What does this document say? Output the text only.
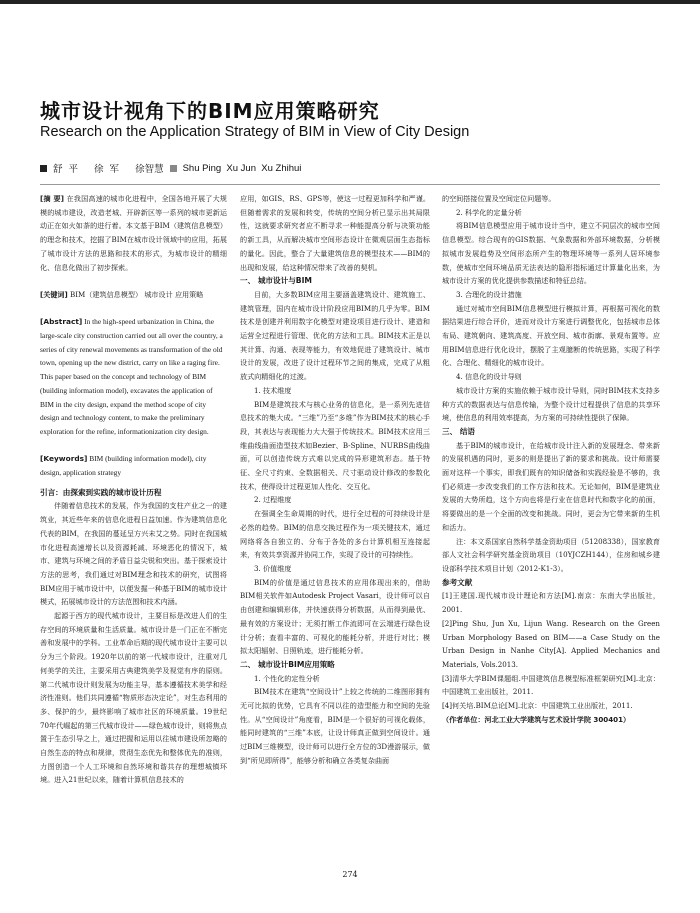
城市设计视角下的BIM应用策略研究
Research on the Application Strategy of BIM in View of City Design
舒 平 徐 军 徐智慧 Shu Ping  Xu Jun  Xu Zhihui

[摘 要] 在我国高速的城市化进程中，全国各地开展了大规模的城市建设，改造老城、开辟新区等一系列的城市更新运动正在如火如荼的进行着。本文基于BIM（建筑信息模型）的理念和技术，挖掘了BIM在城市设计领域中的应用，拓展了城市设计方法的思路和技术的形式，为城市设计的精细化、信息化做出了初步探索。

[关键词] BIM（建筑信息模型） 城市设计 应用策略

[Abstract] In the high-speed urbanization in China, the large-scale city construction carried out all over the country, a series of city renewal movements as transformation of the old town, opening up the new district, carry on like a raging fire. This paper based on the concept and technology of BIM (building information model), excavates the application of BIM in the city design, expand the method scope of city design and technology content, to make the preliminary exploration for the refine, informationization city design.

[Keywords] BIM (building information model), city design, application strategy

引言：由探索到实践的城市设计历程

伴随着信息技术的发展，作为我国的支柱产业之一的建筑业，其近些年来的信息化进程日益加速。作为建筑信息化代表的BIM，在我国的蔓延呈方兴未艾之势。同时在我国城市化进程高速增长以及资源耗减、环境恶化的情况下，城市、建筑与环境之间的矛盾日益尖锐和突出。基于探索设计方法的思考，我们通过对BIM理念和技术的研究，试图将BIM应用于城市设计中，以便发掘一种基于BIM的城市设计模式，拓展城市设计的方法范围和技术内涵。

起源于西方的现代城市设计，主要目标是改进人们的生存空间的环境质量和生活质量。城市设计是一门正在不断完善和发展中的学科。工业革命后期的现代城市设计主要可以分为三个阶段。1920年以前的第一代城市设计，注重对几何美学的关注，主要采用古典建筑美学及视觉有序的原则。第二代城市设计则发展为功能主导，基本遵循技术美学和经济性准则。他们共同遵循“物质形态决定论”，对生态利用的多、保护的少，最终影响了城市社区的环境质量。19世纪70年代崛起的第三代城市设计——绿色城市设计，则将焦点置于生态引导之上，通过把握和运用以往城市建设所忽略的自然生态的特点和规律，贯彻生态优先和整体优先的准则，力图创造一个人工环境和自然环境和谐共存的理想城镇环境。进入21世纪以来，随着计算机信息技术的

应用，如GIS、RS、GPS等，使这一过程更加科学和严谨。但随着需求的发展和转变，传统的空间分析已显示出其局限性，这就要求研究者应不断寻求一种能提高分析与决策功能的新工具，从而解决城市空间形态设计在微观层面生态指标的量化。因此，整合了大量建筑信息的模型技术——BIM的出现和发展，给这种情况带来了改善的契机。

一、 城市设计与BIM

目前，大多数BIM应用主要涵盖建筑设计、建筑施工、建筑管理，国内在城市设计阶段应用BIM的几乎为零。BIM技术是创建并利用数字化模型对建设项目进行设计、建造和运营全过程进行管理、优化的方法和工具。BIM技术正是以其计算、沟通、表现等能力，有效地促进了建筑设计、城市设计的发展，改进了设计过程环节之间的集成，完成了从粗放式向精细化的过渡。

1. 技术维度

BIM是建筑技术与核心业务的信息化，是一系列先进信息技术的集大成。“三维”乃至“多维”作为BIM技术的核心手段，其表达与表现能力大大强于传统技术。BIM技术应用三维曲线曲面造型技术如Bezier、B-Spline、NURBS曲线曲面，可以创造传统方式难以完成的异形建筑形态。基于特征、全尺寸约束、全数据相关、尺寸驱动设计修改的参数化技术，使得设计过程更加人性化、交互化。

2. 过程维度

在强调全生命周期的时代，进行全过程的可持续设计是必然的趋势。BIM的信息交换过程作为一项关键技术，通过网络将各自独立的、分布于各处的多台计算机相互连接起来，有效共享资源并协同工作，实现了设计的可持续性。

3. 价值维度

BIM的价值是通过信息技术的应用体现出来的，借助BIM相关软件如Autodesk Project Vasari，设计师可以自由创建和编辑形体，并快速获得分析数据，从而得到最优、最有效的方案设计；无须打断工作流即可在云端进行绿色设计分析；查看丰富的、可视化的能耗分析，并进行对比；模拟太阳辐射、日照轨迹，进行能耗分析。

二、 城市设计BIM应用策略

1. 个性化的定性分析

BIM技术在建筑“空间设计”上较之传统的二维图形拥有无可比拟的优势，它具有不同以往的造型能力和空间的先验性。从“空间设计”角度看，BIM是一个很好的可视化载体，能同时建筑的“三维”本底，让设计师真正做到空间设计。通过BIM三维模型，设计师可以进行全方位的3D漫游展示，做到“所见即所得”，能够分析和确立各类复杂曲面

的空间搭接位置及空间定位问题等。

2. 科学化的定量分析

将BIM信息模型应用于城市设计当中，建立不同层次的城市空间信息模型。综合现有的GIS数据、气象数据和外部环境数据，分析模拟城市发展趋势及空间形态所产生的物理环境等一系列人居环境参数，使城市空间环境品质无法表达的隐形指标通过计算量化出来，为城市设计方案的优化提供参数描述和特征总结。

3. 合理化的设计措施

通过对城市空间BIM信息模型进行模拟计算，再根据可视化的数据结果进行综合评价，进而对设计方案进行调整优化，包括城市总体布局、建筑朝向、建筑高度、开放空间、城市街廓、景观布置等。应用BIM信息进行优化设计，摆脱了主观臆断的传统思路，实现了科学化、合理化、精细化的城市设计。

4. 信息化的设计导则

城市设计方案的实施依赖于城市设计导则，同时BIM技术支持多种方式的数据表达与信息传输，为整个设计过程提供了信息的共享环境，使信息的利用效率提高，为方案的可持续性提供了保障。

三、 结语

基于BIM的城市设计，在给城市设计注入新的发展理念、带来新的发展机遇的同时，更多的则是提出了新的要求和挑战。设计师需要面对这样一个事实，即我们既有的知识储备和实践经验是不够的，我们必须进一步改变我们的工作方法和技术。无论如何，BIM是建筑业发展的大势所趋，这个方向也将是行业在信息时代和数字化的前面，将要做出的是一个全面的改变和挑战。同时，更会为它带来新的生机和活力。

注：本文系国家自然科学基金资助项目（51208338），国家教育部人文社会科学研究基金资助项目（10YJCZH144），住房和城乡建设部科学技术项目计划（2012-K1-3）。

参考文献

[1]王建国.现代城市设计理论和方法[M].南京：东南大学出版社，2001.

[2]Ping Shu, Jun Xu, Lijun Wang. Research on the Green Urban Morphology Based on BIM——a Case Study on the Urban Design in Nanhe City[A]. Applied Mechanics and Materials, Vols.2013.

[3]清华大学BIM课题组.中国建筑信息模型标准框架研究[M].北京：中国建筑工业出版社，2011.

[4]何关培.BIM总论[M].北京：中国建筑工业出版社，2011.

（作者单位：河北工业大学建筑与艺术设计学院 300401）

274
